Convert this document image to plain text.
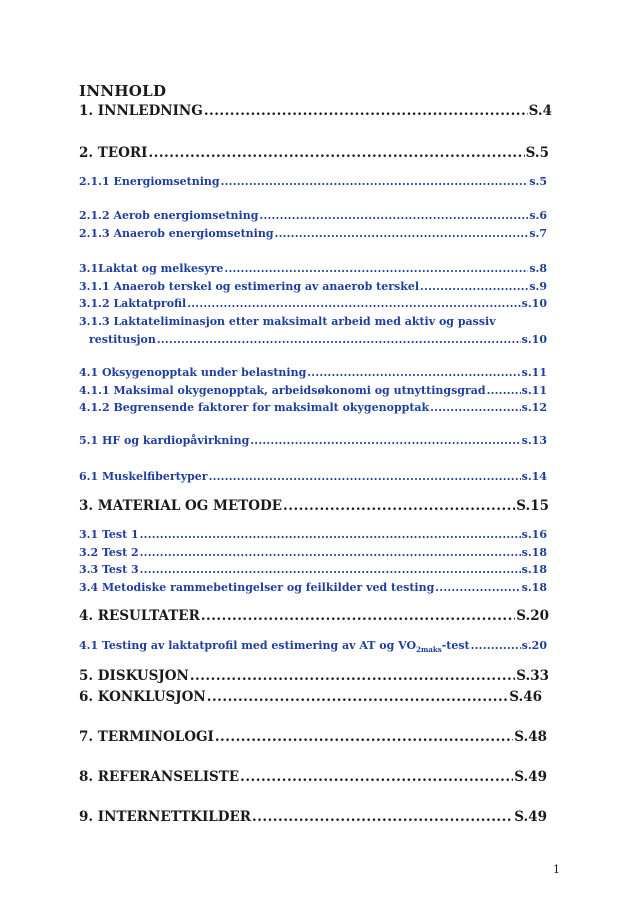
INNHOLD
1. INNLEDNING .....	S.4
2. TEORI .....	S.5
2.1.1 Energiomsetning .....	s.5
2.1.2 Aerob energiomsetning .....	s.6
2.1.3 Anaerob energiomsetning .....	s.7
3.1Laktat og melkesyre .....	s.8
3.1.1 Anaerob terskel og estimering av anaerob terskel .....	s.9
3.1.2 Laktatprofil .....	s.10
3.1.3 Laktateliminasjon etter maksimalt arbeid med aktiv og passiv
restitusjon .....	s.10
4.1 Oksygenopptak under belastning .....	s.11
4.1.1 Maksimal okygenopptak, arbeidsøkonomi og utnyttingsgrad .....	s.11
4.1.2 Begrensende faktorer for maksimalt okygenopptak .....	s.12
5.1 HF og kardiopåvirkning .....	s.13
6.1 Muskelfibertyper .....	s.14
3. MATERIAL OG METODE .....	S.15
3.1 Test 1 .....	s.16
3.2 Test 2 .....	s.18
3.3 Test 3 .....	s.18
3.4 Metodiske rammebetingelser og feilkilder ved testing .....	s.18
4. RESULTATER .....	S.20
4.1 Testing av laktatprofil med estimering av AT og $VO_{2maks}$-test .....	s.20
5. DISKUSJON .....	S.33
6. KONKLUSJON .....	S.46
7. TERMINOLOGI .....	S.48
8. REFERANSELISTE .....	S.49
9. INTERNETTKILDER .....	S.49
1
